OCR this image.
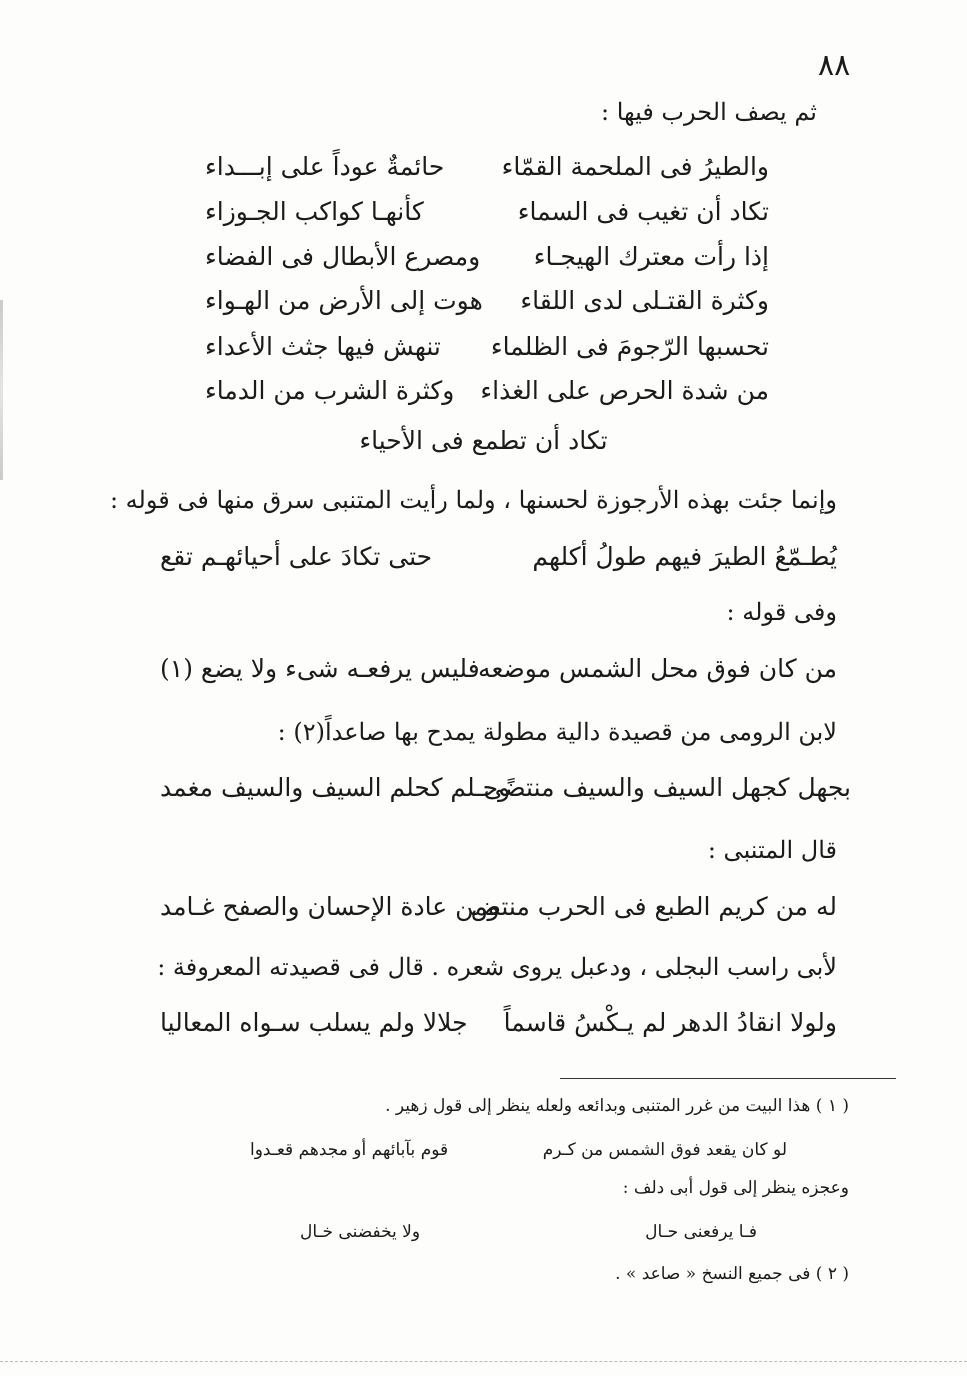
٨٨
ثم يصف الحرب فيها :
والطيرُ فى الملحمة القمّاء
حائمةٌ عوداً على إبـــداء
تكاد أن تغيب فى السماء
كأنهـا كواكب الجـوزاء
إذا رأت معترك الهيجـاء
ومصرع الأبطال فى الفضاء
وكثرة القتـلى لدى اللقاء
هوت إلى الأرض من الهـواء
تحسبها الرّجومَ فى الظلماء
تنهش فيها جثث الأعداء
من شدة الحرص على الغذاء
وكثرة الشرب من الدماء
تكاد أن تطمع فى الأحياء
وإنما جئت بهذه الأرجوزة لحسنها ، ولما رأيت المتنبى سرق منها فى قوله :
يُطـمّعُ الطيرَ فيهم طولُ أكلهم
حتى تكادَ على أحيائهـم تقع
وفى قوله :
من كان فوق محل الشمس موضعه
فليس يرفعـه شىء ولا يضع (١)
لابن الرومى من قصيدة دالية مطولة يمدح بها صاعداً(٢) :
بجهل كجهل السيف والسيف منتضًى
وحـلم كحلم السيف والسيف مغمد
قال المتنبى :
له من كريم الطبع فى الحرب منتض
ومن عادة الإحسان والصفح غـامد
لأبى راسب البجلى ، ودعبل يروى شعره . قال فى قصيدته المعروفة :
ولولا انقادُ الدهر لم يـكْسُ قاسماً
جلالا ولم يسلب سـواه المعاليا
( ١ ) هذا البيت من غرر المتنبى وبدائعه ولعله ينظر إلى قول زهير .
لو كان يقعد فوق الشمس من كـرم
قوم بآبائهم أو مجدهم قعـدوا
وعجزه ينظر إلى قول أبى دلف :
فـا يرفعنى حـال
ولا يخفضنى خـال
( ٢ ) فى جميع النسخ « صاعد » .
